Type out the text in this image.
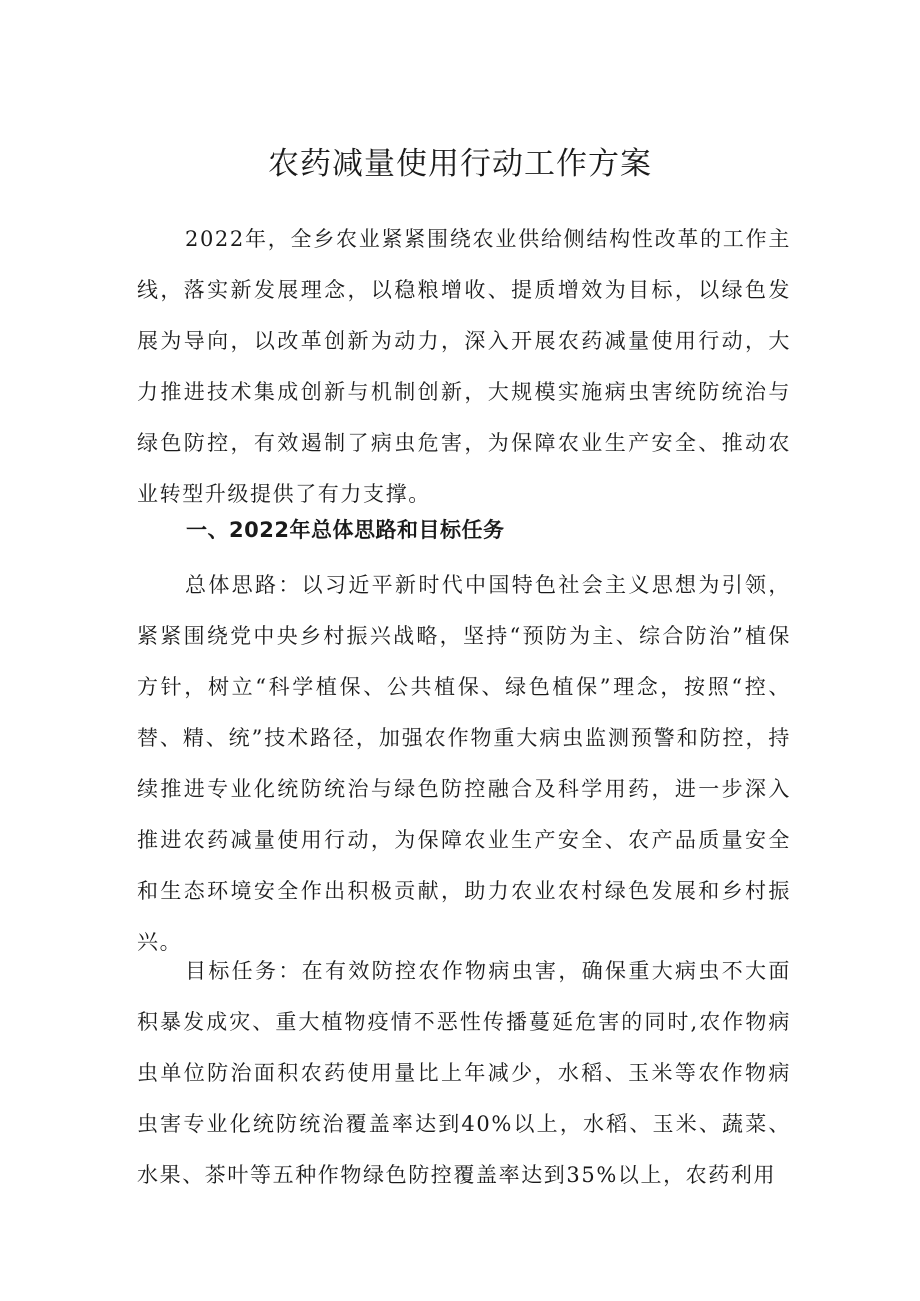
农药减量使用行动工作方案

2022年，全乡农业紧紧围绕农业供给侧结构性改革的工作主线，落实新发展理念，以稳粮增收、提质增效为目标，以绿色发展为导向，以改革创新为动力，深入开展农药减量使用行动，大力推进技术集成创新与机制创新，大规模实施病虫害统防统治与绿色防控，有效遏制了病虫危害，为保障农业生产安全、推动农业转型升级提供了有力支撑。

一、2022年总体思路和目标任务

总体思路：以习近平新时代中国特色社会主义思想为引领，紧紧围绕党中央乡村振兴战略，坚持“预防为主、综合防治”植保方针，树立“科学植保、公共植保、绿色植保”理念，按照“控、替、精、统”技术路径，加强农作物重大病虫监测预警和防控，持续推进专业化统防统治与绿色防控融合及科学用药，进一步深入推进农药减量使用行动，为保障农业生产安全、农产品质量安全和生态环境安全作出积极贡献，助力农业农村绿色发展和乡村振兴。

目标任务：在有效防控农作物病虫害，确保重大病虫不大面积暴发成灾、重大植物疫情不恶性传播蔓延危害的同时,农作物病虫单位防治面积农药使用量比上年减少，水稻、玉米等农作物病虫害专业化统防统治覆盖率达到40%以上，水稻、玉米、蔬菜、水果、茶叶等五种作物绿色防控覆盖率达到35%以上，农药利用
